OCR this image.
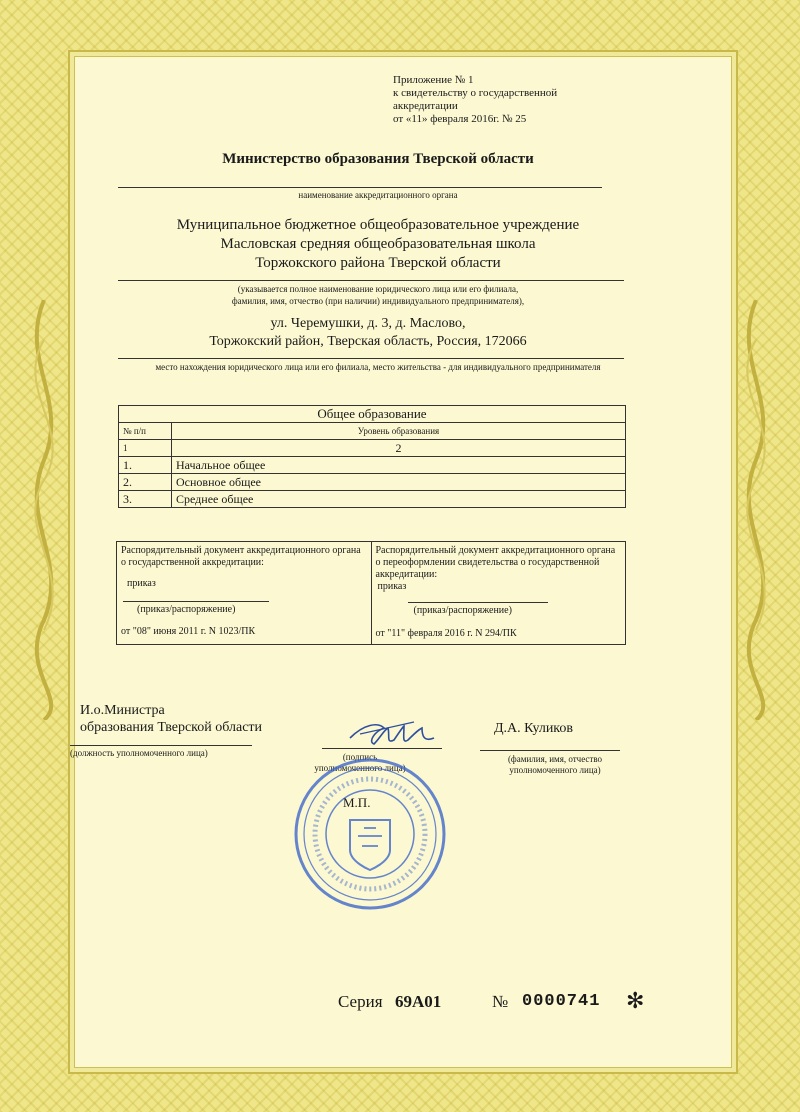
Приложение № 1
к свидетельству о государственной
аккредитации
от «11» февраля 2016г. № 25
Министерство образования Тверской области
наименование аккредитационного органа
Муниципальное бюджетное общеобразовательное учреждение
Масловская средняя общеобразовательная школа
Торжокского района Тверской области
(указывается полное наименование юридического лица или его филиала,
фамилия, имя, отчество (при наличии) индивидуального предпринимателя),
ул. Черемушки, д. 3, д. Маслово,
Торжокский район, Тверская область, Россия, 172066
место нахождения юридического лица или его филиала, место жительства - для индивидуального предпринимателя
Общее образование	
№ п/п	Уровень образования
1	2
1.	Начальное общее
2.	Основное общее
3.	Среднее общее
Распорядительный документ аккредитационного органа о государственной аккредитации:
приказ
(приказ/распоряжение)
от "08" июня 2011 г. N 1023/ПК
Распорядительный документ аккредитационного органа о переоформлении свидетельства о государственной аккредитации:
приказ
(приказ/распоряжение)
от "11" февраля 2016 г. N 294/ПК
И.о.Министра
образования Тверской области
(должность уполномоченного лица)	(подпись
уполномоченного лица)
Д.А. Куликов
(фамилия, имя, отчество
уполномоченного лица)
М.П.
Серия 69А01	№ 0000741 ✻
